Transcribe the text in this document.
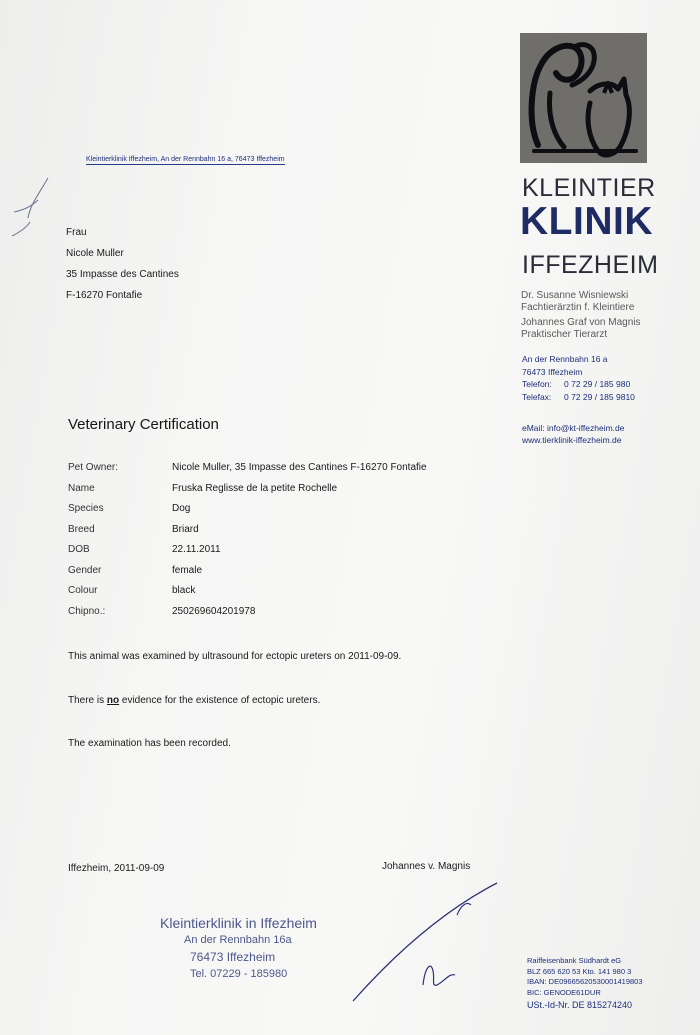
Kleintierklinik Iffezheim, An der Rennbahn 16 a, 76473 Iffezheim
Frau
Nicole Muller
35 Impasse des Cantines
F-16270 Fontafie
KLEINTIER
KLINIK
IFFEZHEIM
Dr. Susanne Wisniewski
Fachtierärztin f. Kleintiere
Johannes Graf von Magnis
Praktischer Tierarzt
An der Rennbahn 16 a
76473 Iffezheim
Telefon: 0 72 29 / 185 980
Telefax: 0 72 29 / 185 9810
eMail: info@kt-iffezheim.de
www.tierklinik-iffezheim.de
Veterinary Certification
Pet Owner:	Nicole Muller, 35 Impasse des Cantines F-16270 Fontafie
Name	Fruska Reglisse de la petite Rochelle
Species	Dog
Breed	Briard
DOB	22.11.2011
Gender	female
Colour	black
Chipno.:	250269604201978
This animal was examined by ultrasound for ectopic ureters on 2011-09-09.
There is no evidence for the existence of ectopic ureters.
The examination has been recorded.
Iffezheim, 2011-09-09	Johannes v. Magnis
Kleintierklinik in Iffezheim
An der Rennbahn 16a
76473 Iffezheim
Tel. 07229 - 185980
Raiffeisenbank Südhardt eG
BLZ 665 620 53 Kto. 141 980 3
IBAN: DE09665620530001419803
BIC: GENODE61DUR
USt.-Id-Nr. DE 815274240
